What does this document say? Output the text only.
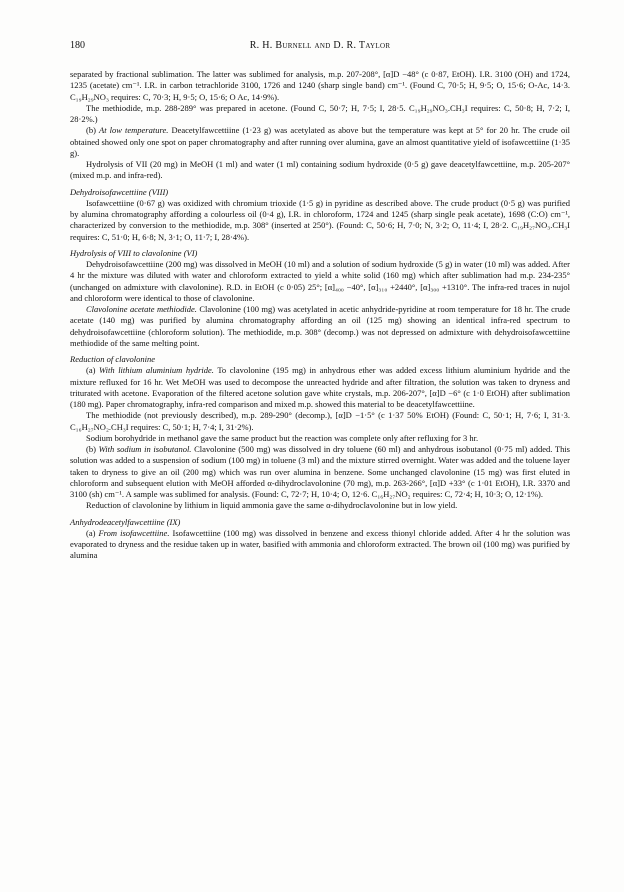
180	R. H. Burnell and D. R. Taylor

separated by fractional sublimation. The latter was sublimed for analysis, m.p. 207-208°, [α]D −48° (c 0·87, EtOH). I.R. 3100 (OH) and 1724, 1235 (acetate) cm⁻¹. I.R. in carbon tetrachloride 3100, 1726 and 1240 (sharp single band) cm⁻¹. (Found C, 70·5; H, 9·5; O, 15·6; O-Ac, 14·3. C₁₉H₂₉NO₃ requires: C, 70·3; H, 9·5; O, 15·6; O Ac, 14·9%).

The methiodide, m.p. 288-289° was prepared in acetone. (Found C, 50·7; H, 7·5; I, 28·5. C₁₉H₂₉NO₃.CH₃I requires: C, 50·8; H, 7·2; I, 28·2%.)

(b) At low temperature. Deacetylfawcettiine (1·23 g) was acetylated as above but the temperature was kept at 5° for 20 hr. The crude oil obtained showed only one spot on paper chromatography and after running over alumina, gave an almost quantitative yield of isofawcettiine (1·35 g).

Hydrolysis of VII (20 mg) in MeOH (1 ml) and water (1 ml) containing sodium hydroxide (0·5 g) gave deacetylfawcettiine, m.p. 205-207° (mixed m.p. and infra-red).

Dehydroisofawcettiine (VIII)

Isofawcettiine (0·67 g) was oxidized with chromium trioxide (1·5 g) in pyridine as described above. The crude product (0·5 g) was purified by alumina chromatography affording a colourless oil (0·4 g), I.R. in chloroform, 1724 and 1245 (sharp single peak acetate), 1698 (C:O) cm⁻¹, characterized by conversion to the methiodide, m.p. 308° (inserted at 250°). (Found: C, 50·6; H, 7·0; N, 3·2; O, 11·4; I, 28·2. C₁₉H₂₇NO₃.CH₃I requires: C, 51·0; H, 6·8; N, 3·1; O, 11·7; I, 28·4%).

Hydrolysis of VIII to clavolonine (VI)

Dehydroisofawcettiine (200 mg) was dissolved in MeOH (10 ml) and a solution of sodium hydroxide (5 g) in water (10 ml) was added. After 4 hr the mixture was diluted with water and chloroform extracted to yield a white solid (160 mg) which after sublimation had m.p. 234-235° (unchanged on admixture with clavolonine). R.D. in EtOH (c 0·05) 25°; [α]₄₀₀ −40°, [α]₃₁₀ +2440°, [α]₃₀₀ +1310°. The infra-red traces in nujol and chloroform were identical to those of clavolonine.

Clavolonine acetate methiodide. Clavolonine (100 mg) was acetylated in acetic anhydride-pyridine at room temperature for 18 hr. The crude acetate (140 mg) was purified by alumina chromatography affording an oil (125 mg) showing an identical infra-red spectrum to dehydroisofawcettiine (chloroform solution). The methiodide, m.p. 308° (decomp.) was not depressed on admixture with dehydroisofawcettiine methiodide of the same melting point.

Reduction of clavolonine

(a) With lithium aluminium hydride. To clavolonine (195 mg) in anhydrous ether was added excess lithium aluminium hydride and the mixture refluxed for 16 hr. Wet MeOH was used to decompose the unreacted hydride and after filtration, the solution was taken to dryness and triturated with acetone. Evaporation of the filtered acetone solution gave white crystals, m.p. 206-207°, [α]D −6° (c 1·0 EtOH) after sublimation (180 mg). Paper chromatography, infra-red comparison and mixed m.p. showed this material to be deacetylfawcettiine.

The methiodide (not previously described), m.p. 289-290° (decomp.), [α]D −1·5° (c 1·37 50% EtOH) (Found: C, 50·1; H, 7·6; I, 31·3. C₁₆H₂₇NO₂.CH₃I requires: C, 50·1; H, 7·4; I, 31·2%).

Sodium borohydride in methanol gave the same product but the reaction was complete only after refluxing for 3 hr.

(b) With sodium in isobutanol. Clavolonine (500 mg) was dissolved in dry toluene (60 ml) and anhydrous isobutanol (0·75 ml) added. This solution was added to a suspension of sodium (100 mg) in toluene (3 ml) and the mixture stirred overnight. Water was added and the toluene layer taken to dryness to give an oil (200 mg) which was run over alumina in benzene. Some unchanged clavolonine (15 mg) was first eluted in chloroform and subsequent elution with MeOH afforded α-dihydroclavolonine (70 mg), m.p. 263-266°, [α]D +33° (c 1·01 EtOH), I.R. 3370 and 3100 (sh) cm⁻¹. A sample was sublimed for analysis. (Found: C, 72·7; H, 10·4; O, 12·6. C₁₆H₂₇NO₂ requires: C, 72·4; H, 10·3; O, 12·1%).

Reduction of clavolonine by lithium in liquid ammonia gave the same α-dihydroclavolonine but in low yield.

Anhydrodeacetylfawcettiine (IX)

(a) From isofawcettiine. Isofawcettiine (100 mg) was dissolved in benzene and excess thionyl chloride added. After 4 hr the solution was evaporated to dryness and the residue taken up in water, basified with ammonia and chloroform extracted. The brown oil (100 mg) was purified by alumina
